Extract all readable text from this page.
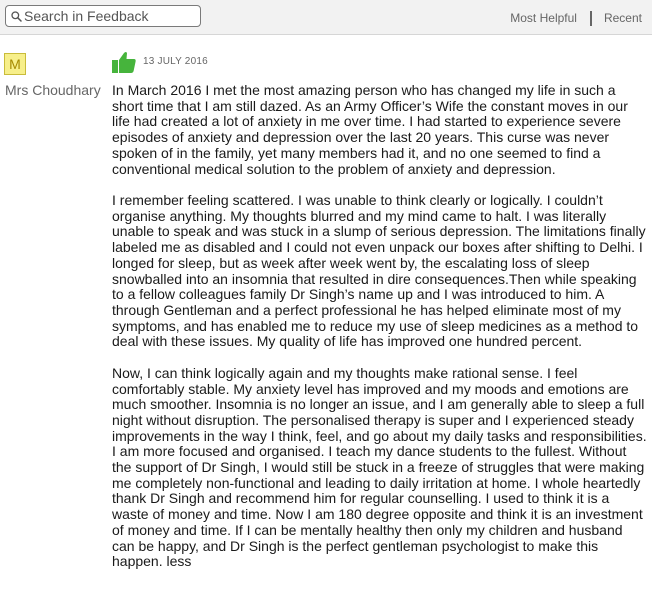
Search in Feedback
Most Helpful Recent
M
Mrs Choudhary
13 JULY 2016

In March 2016 I met the most amazing person who has changed my life in such a short time that I am still dazed. As an Army Officer’s Wife the constant moves in our life had created a lot of anxiety in me over time. I had started to experience severe episodes of anxiety and depression over the last 20 years. This curse was never spoken of in the family, yet many members had it, and no one seemed to find a conventional medical solution to the problem of anxiety and depression.

I remember feeling scattered. I was unable to think clearly or logically. I couldn’t organise anything. My thoughts blurred and my mind came to halt. I was literally unable to speak and was stuck in a slump of serious depression. The limitations finally labeled me as disabled and I could not even unpack our boxes after shifting to Delhi. I longed for sleep, but as week after week went by, the escalating loss of sleep snowballed into an insomnia that resulted in dire consequences.Then while speaking to a fellow colleagues family Dr Singh’s name up and I was introduced to him. A through Gentleman and a perfect professional he has helped eliminate most of my symptoms, and has enabled me to reduce my use of sleep medicines as a method to deal with these issues. My quality of life has improved one hundred percent.

Now, I can think logically again and my thoughts make rational sense. I feel comfortably stable. My anxiety level has improved and my moods and emotions are much smoother. Insomnia is no longer an issue, and I am generally able to sleep a full night without disruption. The personalised therapy is super and I experienced steady improvements in the way I think, feel, and go about my daily tasks and responsibilities. I am more focused and organised. I teach my dance students to the fullest. Without the support of Dr Singh, I would still be stuck in a freeze of struggles that were making me completely non-functional and leading to daily irritation at home. I whole heartedly thank Dr Singh and recommend him for regular counselling. I used to think it is a waste of money and time. Now I am 180 degree opposite and think it is an investment of money and time. If I can be mentally healthy then only my children and husband can be happy, and Dr Singh is the perfect gentleman psychologist to make this happen. less
